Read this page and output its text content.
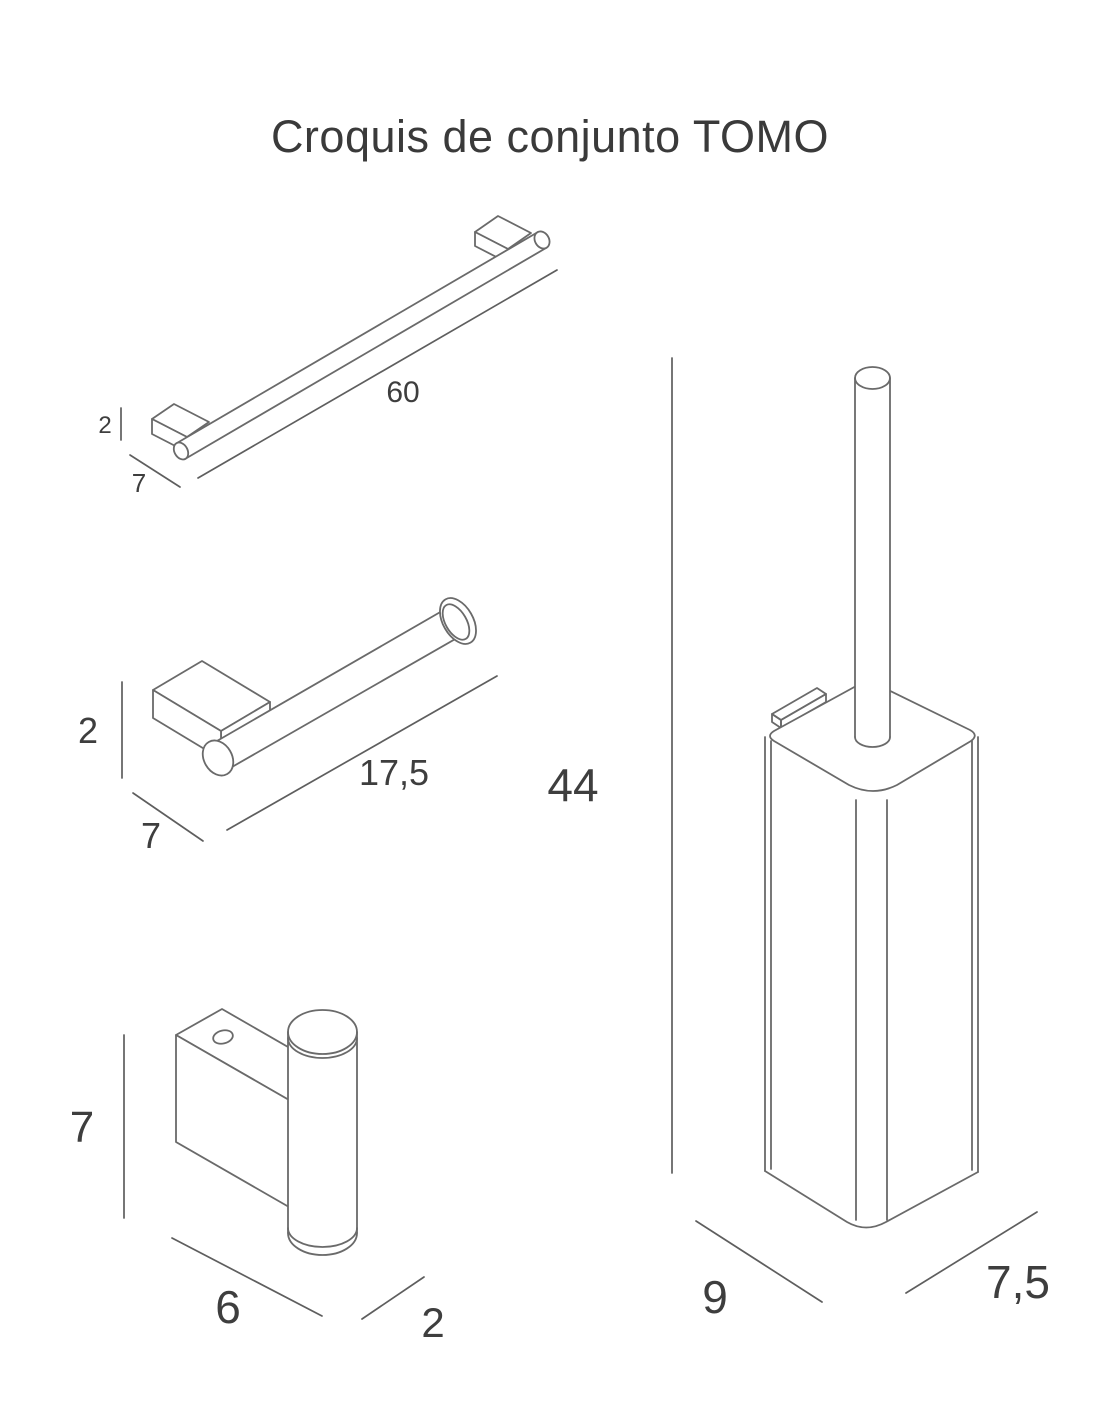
Croquis de conjunto TOMO
60
2
7
17,5
2
7
7
6	2
44
9	7,5
